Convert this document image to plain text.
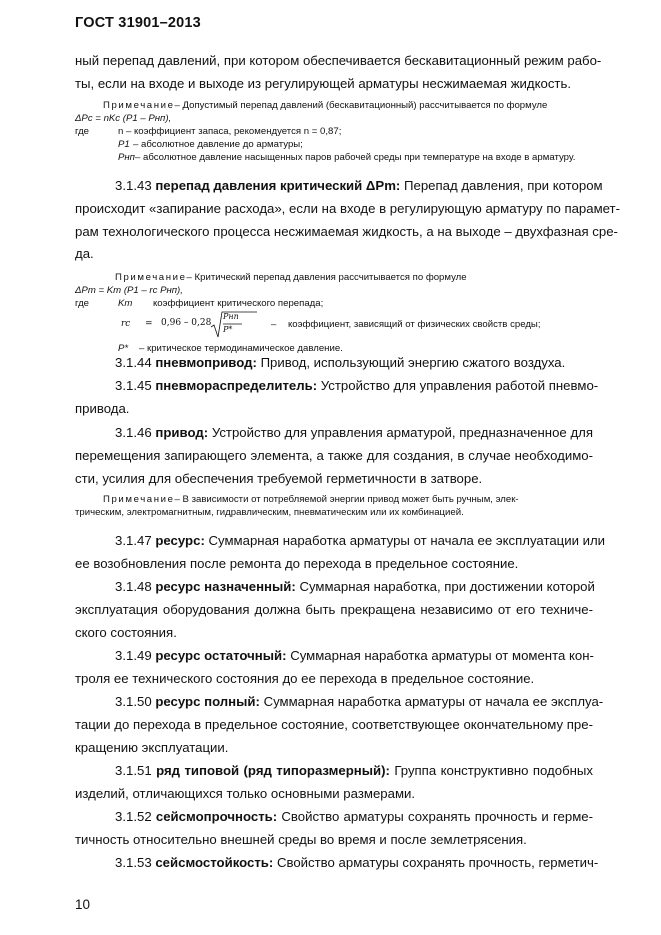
ГОСТ 31901–2013
ный перепад давлений, при котором обеспечивается бескавитационный режим рабо-
ты, если на входе и выходе из регулирующей арматуры несжимаемая жидкость.
Примечание– Допустимый перепад давлений (бескавитационный) рассчитывается по формуле
ΔPc = nKc (P1 – Pнп),
где	n – коэффициент запаса, рекомендуется n = 0,87;
P1 – абсолютное давление до арматуры;
Pнп – абсолютное давление насыщенных паров рабочей среды при температуре на входе в арматуру.
3.1.43 перепад давления критический ΔPm: Перепад давления, при котором
происходит «запирание расхода», если на входе в регулирующую арматуру по парамет-
рам технологического процесса несжимаемая жидкость, а на выходе – двухфазная сре-
да.
Примечание– Критический перепад давления рассчитывается по формуле
ΔPm = Km (P1 – rc Pнп),
где	Km коэффициент критического перепада;
rc = 0,96 – 0,28
Pнп
P*	– коэффициент, зависящий от физических свойств среды;
P* – критическое термодинамическое давление.
3.1.44 пневмопривод: Привод, использующий энергию сжатого воздуха.
3.1.45 пневмораспределитель: Устройство для управления работой пневмо-
привода.
3.1.46 привод: Устройство для управления арматурой, предназначенное для
перемещения запирающего элемента, а также для создания, в случае необходимо-
сти, усилия для обеспечения требуемой герметичности в затворе.
Примечание– В зависимости от потребляемой энергии привод может быть ручным, элек-
трическим, электромагнитным, гидравлическим, пневматическим или их комбинацией.
3.1.47 ресурс: Суммарная наработка арматуры от начала ее эксплуатации или
ее возобновления после ремонта до перехода в предельное состояние.
3.1.48 ресурс назначенный: Суммарная наработка, при достижении которой
эксплуатация оборудования должна быть прекращена независимо от его техниче-
ского состояния.
3.1.49 ресурс остаточный: Суммарная наработка арматуры от момента кон-
троля ее технического состояния до ее перехода в предельное состояние.
3.1.50 ресурс полный: Суммарная наработка арматуры от начала ее эксплуа-
тации до перехода в предельное состояние, соответствующее окончательному пре-
кращению эксплуатации.
3.1.51 ряд типовой (ряд типоразмерный): Группа конструктивно подобных
изделий, отличающихся только основными размерами.
3.1.52 сейсмопрочность: Свойство арматуры сохранять прочность и герме-
тичность относительно внешней среды во время и после землетрясения.
3.1.53 сейсмостойкость: Свойство арматуры сохранять прочность, герметич-
10
